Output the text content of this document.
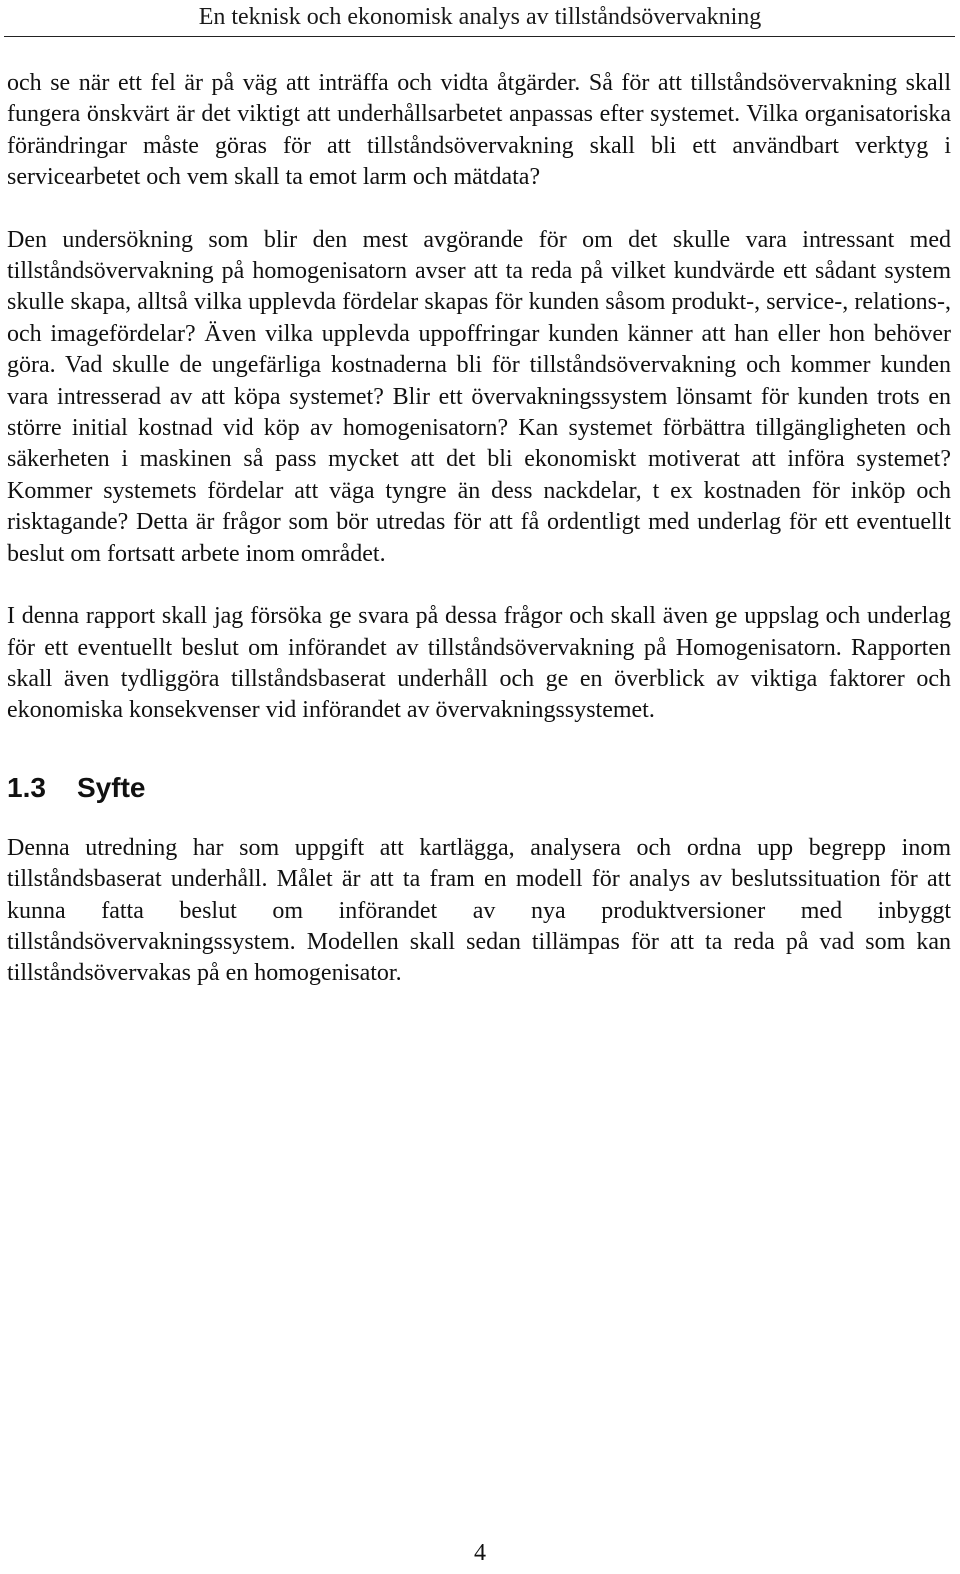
En teknisk och ekonomisk analys av tillståndsövervakning

och se när ett fel är på väg att inträffa och vidta åtgärder. Så för att tillståndsövervakning skall fungera önskvärt är det viktigt att underhållsarbetet anpassas efter systemet. Vilka organisatoriska förändringar måste göras för att tillståndsövervakning skall bli ett användbart verktyg i servicearbetet och vem skall ta emot larm och mätdata?

Den undersökning som blir den mest avgörande för om det skulle vara intressant med tillståndsövervakning på homogenisatorn avser att ta reda på vilket kundvärde ett sådant system skulle skapa, alltså vilka upplevda fördelar skapas för kunden såsom produkt-, service-, relations-, och imagefördelar? Även vilka upplevda uppoffringar kunden känner att han eller hon behöver göra. Vad skulle de ungefärliga kostnaderna bli för tillståndsövervakning och kommer kunden vara intresserad av att köpa systemet? Blir ett övervakningssystem lönsamt för kunden trots en större initial kostnad vid köp av homogenisatorn? Kan systemet förbättra tillgängligheten och säkerheten i maskinen så pass mycket att det bli ekonomiskt motiverat att införa systemet? Kommer systemets fördelar att väga tyngre än dess nackdelar, t ex kostnaden för inköp och risktagande? Detta är frågor som bör utredas för att få ordentligt med underlag för ett eventuellt beslut om fortsatt arbete inom området.

I denna rapport skall jag försöka ge svara på dessa frågor och skall även ge uppslag och underlag för ett eventuellt beslut om införandet av tillståndsövervakning på Homogenisatorn. Rapporten skall även tydliggöra tillståndsbaserat underhåll och ge en överblick av viktiga faktorer och ekonomiska konsekvenser vid införandet av övervakningssystemet.

1.3 Syfte

Denna utredning har som uppgift att kartlägga, analysera och ordna upp begrepp inom tillståndsbaserat underhåll. Målet är att ta fram en modell för analys av beslutssituation för att kunna fatta beslut om införandet av nya produktversioner med inbyggt tillståndsövervakningssystem. Modellen skall sedan tillämpas för att ta reda på vad som kan tillståndsövervakas på en homogenisator.

4
